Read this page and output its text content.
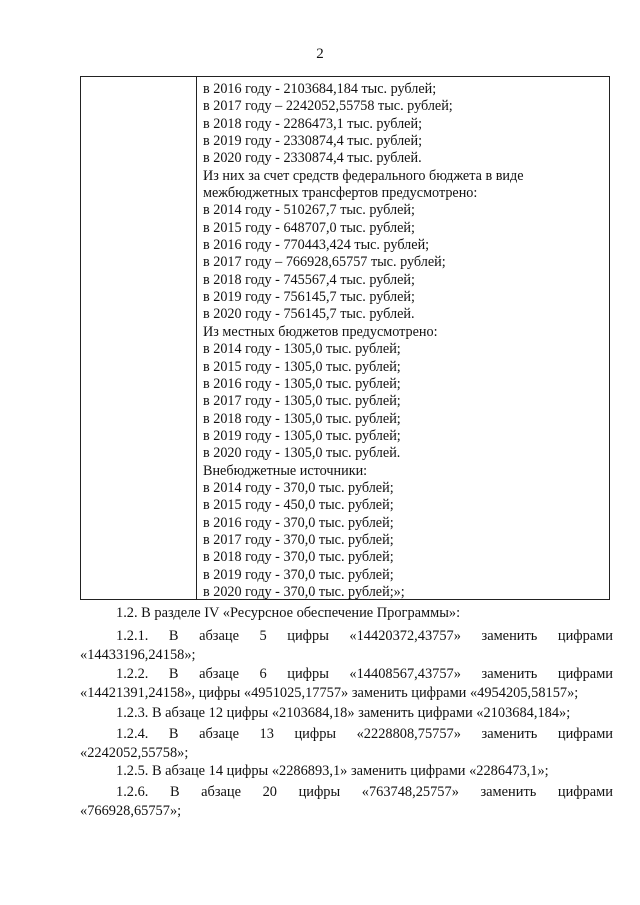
2
в 2016 году - 2103684,184 тыс. рублей;
в 2017 году – 2242052,55758 тыс. рублей;
в 2018 году - 2286473,1 тыс. рублей;
в 2019 году - 2330874,4 тыс. рублей;
в 2020 году - 2330874,4 тыс. рублей.
Из них за счет средств федерального бюджета в виде
межбюджетных трансфертов предусмотрено:
в 2014 году - 510267,7 тыс. рублей;
в 2015 году - 648707,0 тыс. рублей;
в 2016 году - 770443,424 тыс. рублей;
в 2017 году – 766928,65757 тыс. рублей;
в 2018 году - 745567,4 тыс. рублей;
в 2019 году - 756145,7 тыс. рублей;
в 2020 году - 756145,7 тыс. рублей.
Из местных бюджетов предусмотрено:
в 2014 году - 1305,0 тыс. рублей;
в 2015 году - 1305,0 тыс. рублей;
в 2016 году - 1305,0 тыс. рублей;
в 2017 году - 1305,0 тыс. рублей;
в 2018 году - 1305,0 тыс. рублей;
в 2019 году - 1305,0 тыс. рублей;
в 2020 году - 1305,0 тыс. рублей.
Внебюджетные источники:
в 2014 году - 370,0 тыс. рублей;
в 2015 году - 450,0 тыс. рублей;
в 2016 году - 370,0 тыс. рублей;
в 2017 году - 370,0 тыс. рублей;
в 2018 году - 370,0 тыс. рублей;
в 2019 году - 370,0 тыс. рублей;
в 2020 году - 370,0 тыс. рублей;»;
1.2. В разделе IV «Ресурсное обеспечение Программы»:
1.2.1. В абзаце 5 цифры «14420372,43757» заменить цифрами
«14433196,24158»;
1.2.2. В абзаце 6 цифры «14408567,43757» заменить цифрами
«14421391,24158», цифры «4951025,17757» заменить цифрами «4954205,58157»;
1.2.3. В абзаце 12 цифры «2103684,18» заменить цифрами «2103684,184»;
1.2.4. В абзаце 13 цифры «2228808,75757» заменить цифрами
«2242052,55758»;
1.2.5. В абзаце 14 цифры «2286893,1» заменить цифрами «2286473,1»;
1.2.6. В абзаце 20 цифры «763748,25757» заменить цифрами
«766928,65757»;
